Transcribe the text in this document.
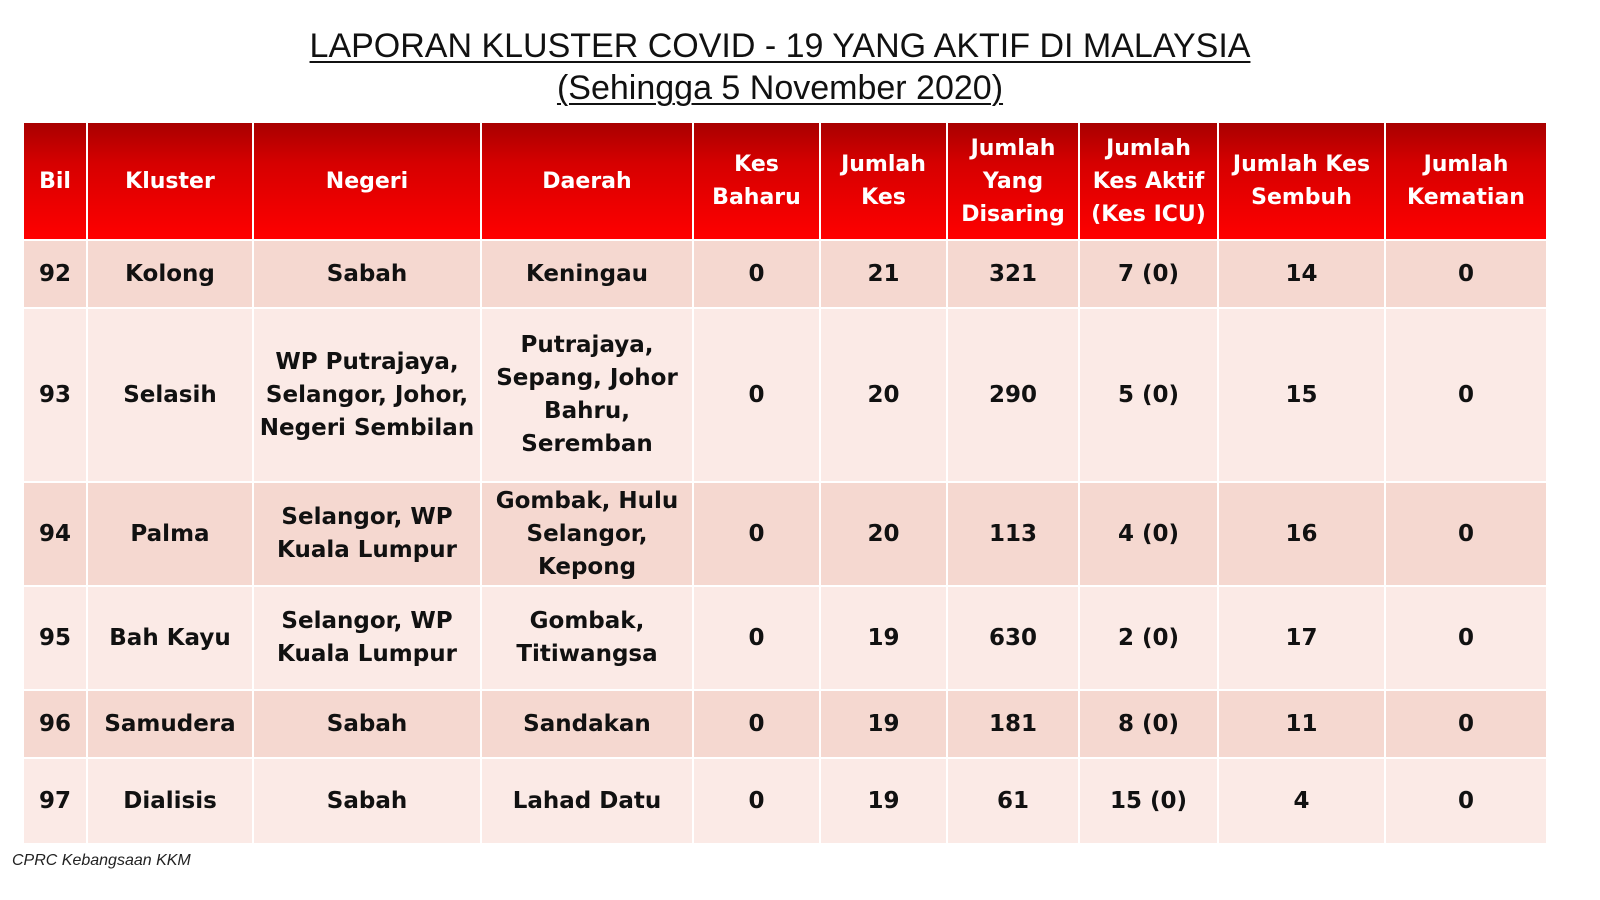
LAPORAN KLUSTER COVID - 19 YANG AKTIF DI MALAYSIA
(Sehingga 5 November 2020)
Bil	Kluster	Negeri	Daerah	Kes Baharu	Jumlah Kes	Jumlah Yang Disaring	Jumlah Kes Aktif (Kes ICU)	Jumlah Kes Sembuh	Jumlah Kematian
92	Kolong	Sabah	Keningau	0	21	321	7 (0)	14	0
93	Selasih	WP Putrajaya, Selangor, Johor, Negeri Sembilan	Putrajaya, Sepang, Johor Bahru, Seremban	0	20	290	5 (0)	15	0
94	Palma	Selangor, WP Kuala Lumpur	Gombak, Hulu Selangor, Kepong	0	20	113	4 (0)	16	0
95	Bah Kayu	Selangor, WP Kuala Lumpur	Gombak, Titiwangsa	0	19	630	2 (0)	17	0
96	Samudera	Sabah	Sandakan	0	19	181	8 (0)	11	0
97	Dialisis	Sabah	Lahad Datu	0	19	61	15 (0)	4	0
CPRC Kebangsaan KKM
